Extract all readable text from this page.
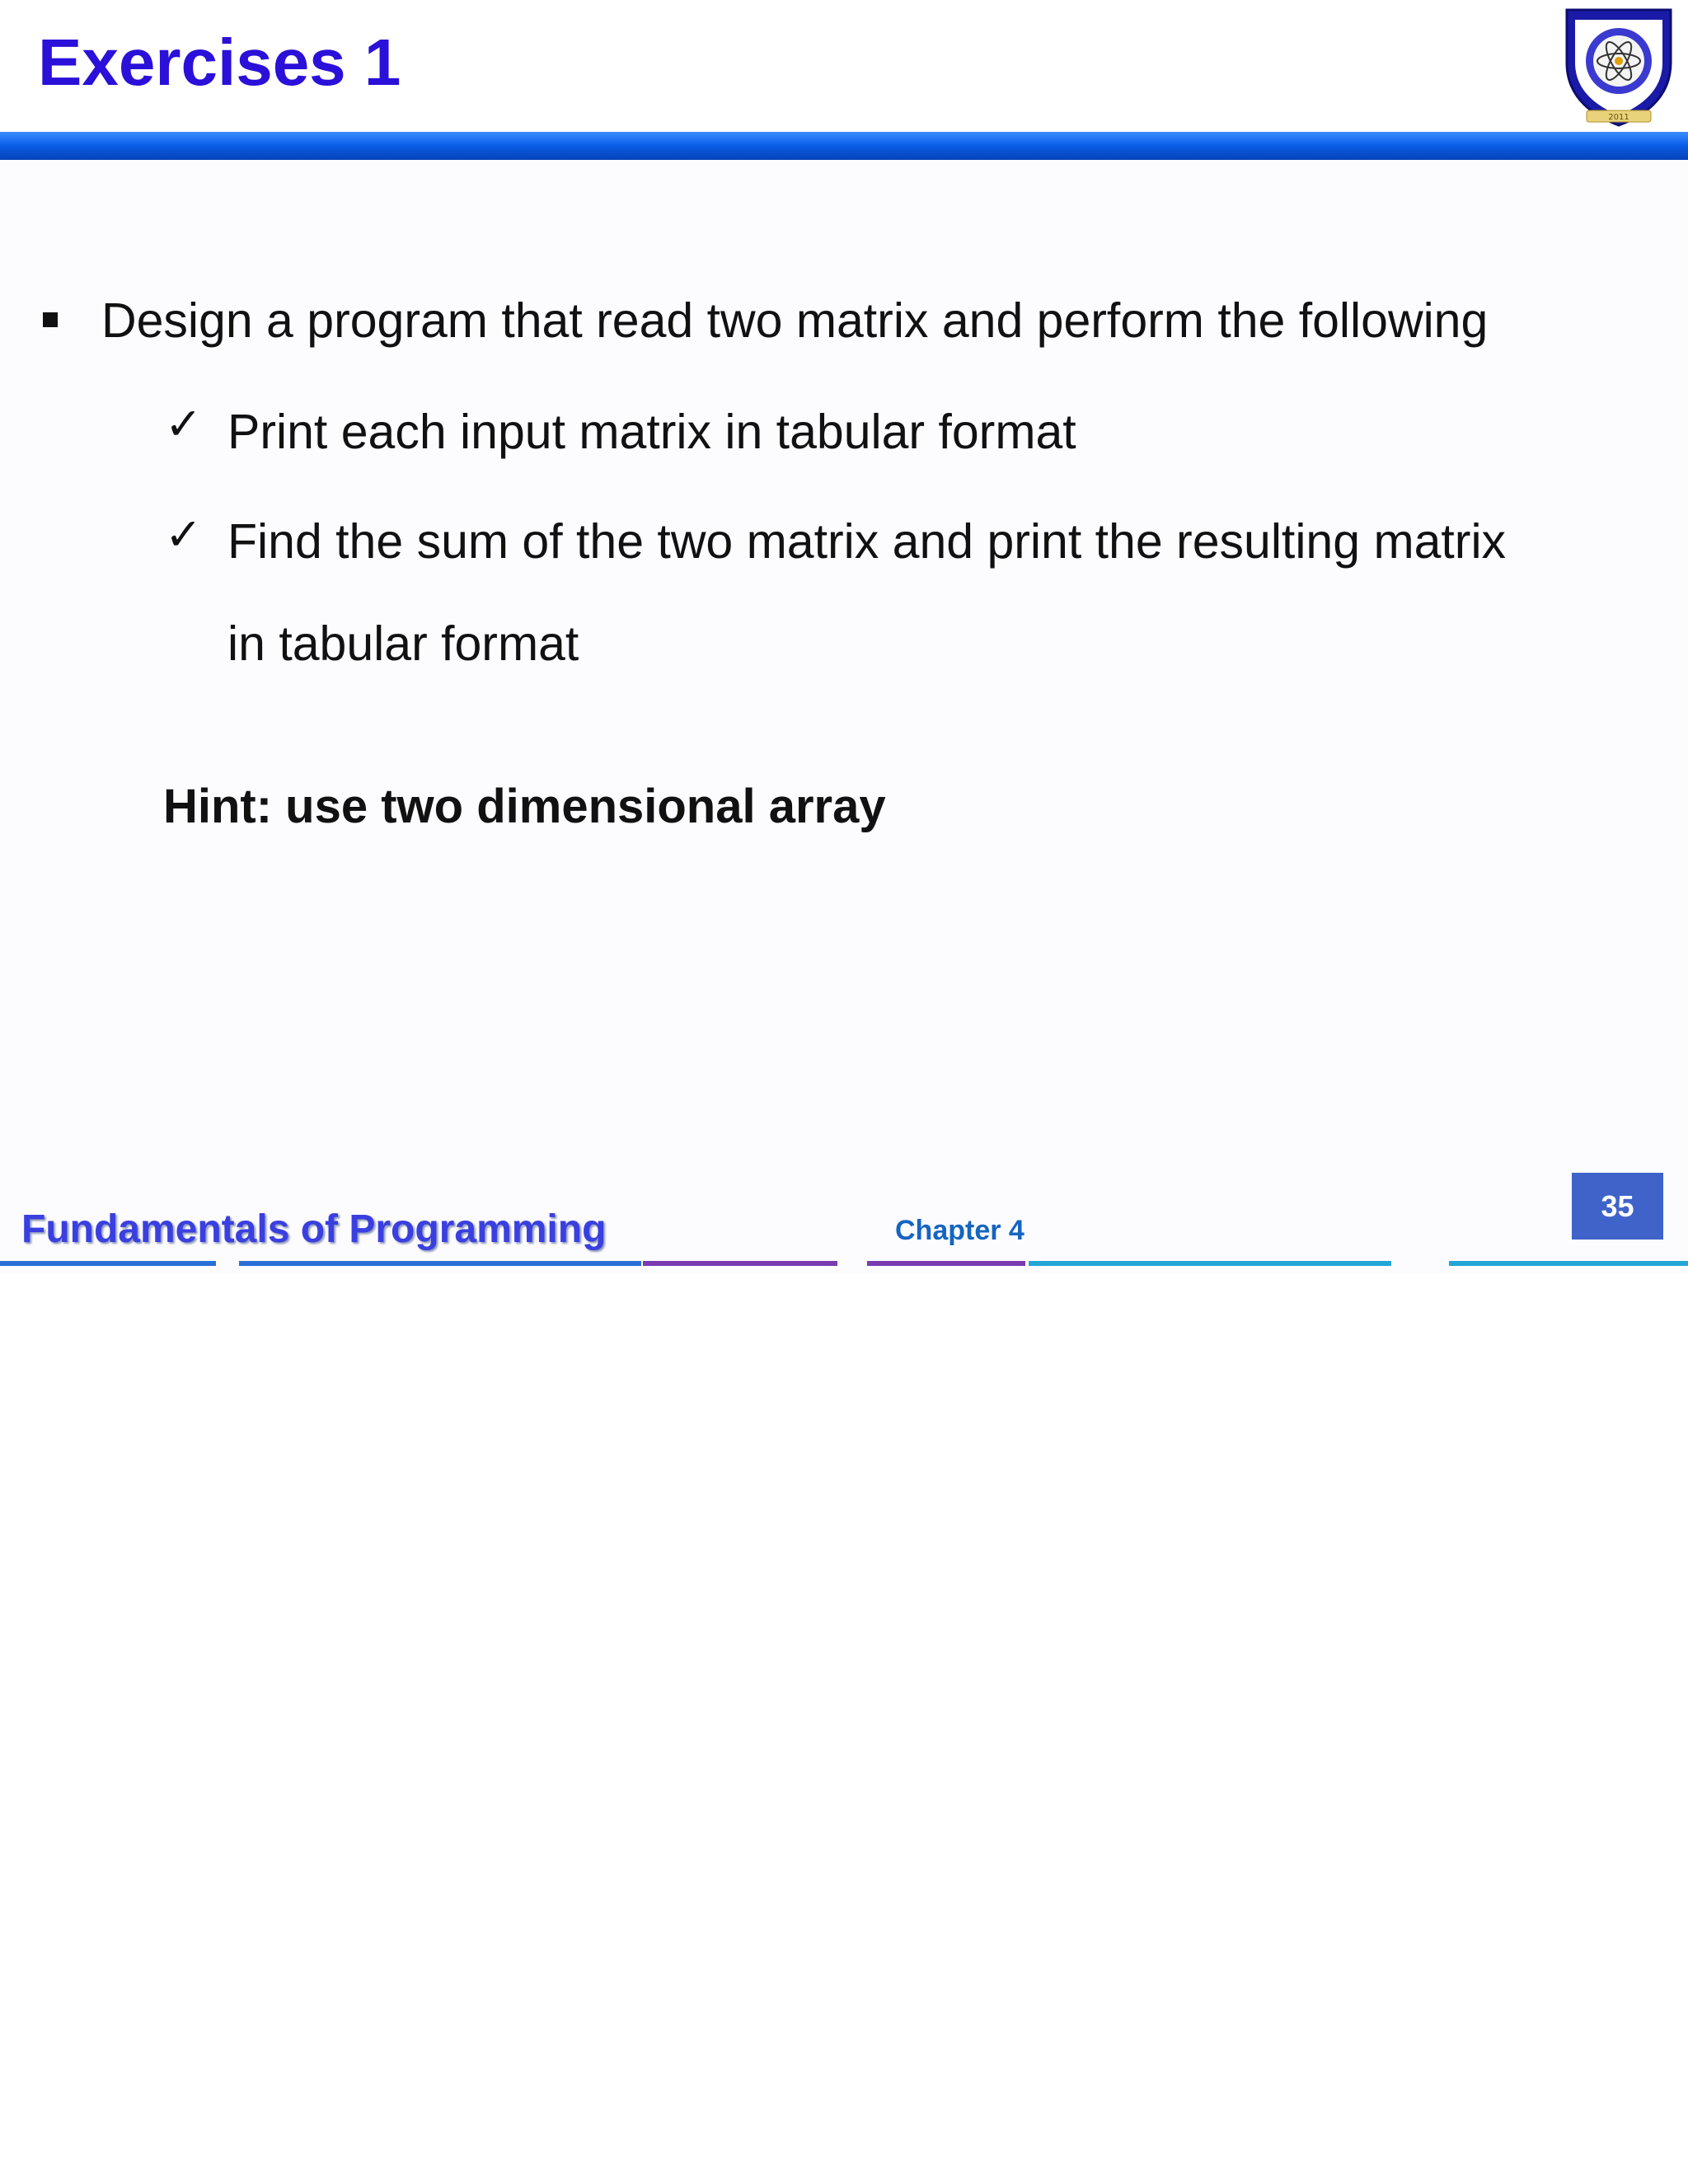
Exercises 1
2011
Design a program that read two matrix and perform the following
✓ Print each input matrix in tabular format
✓ Find the sum of the two matrix and print the resulting matrix
in tabular format
Hint: use two dimensional array
Fundamentals of Programming	Chapter 4
35
